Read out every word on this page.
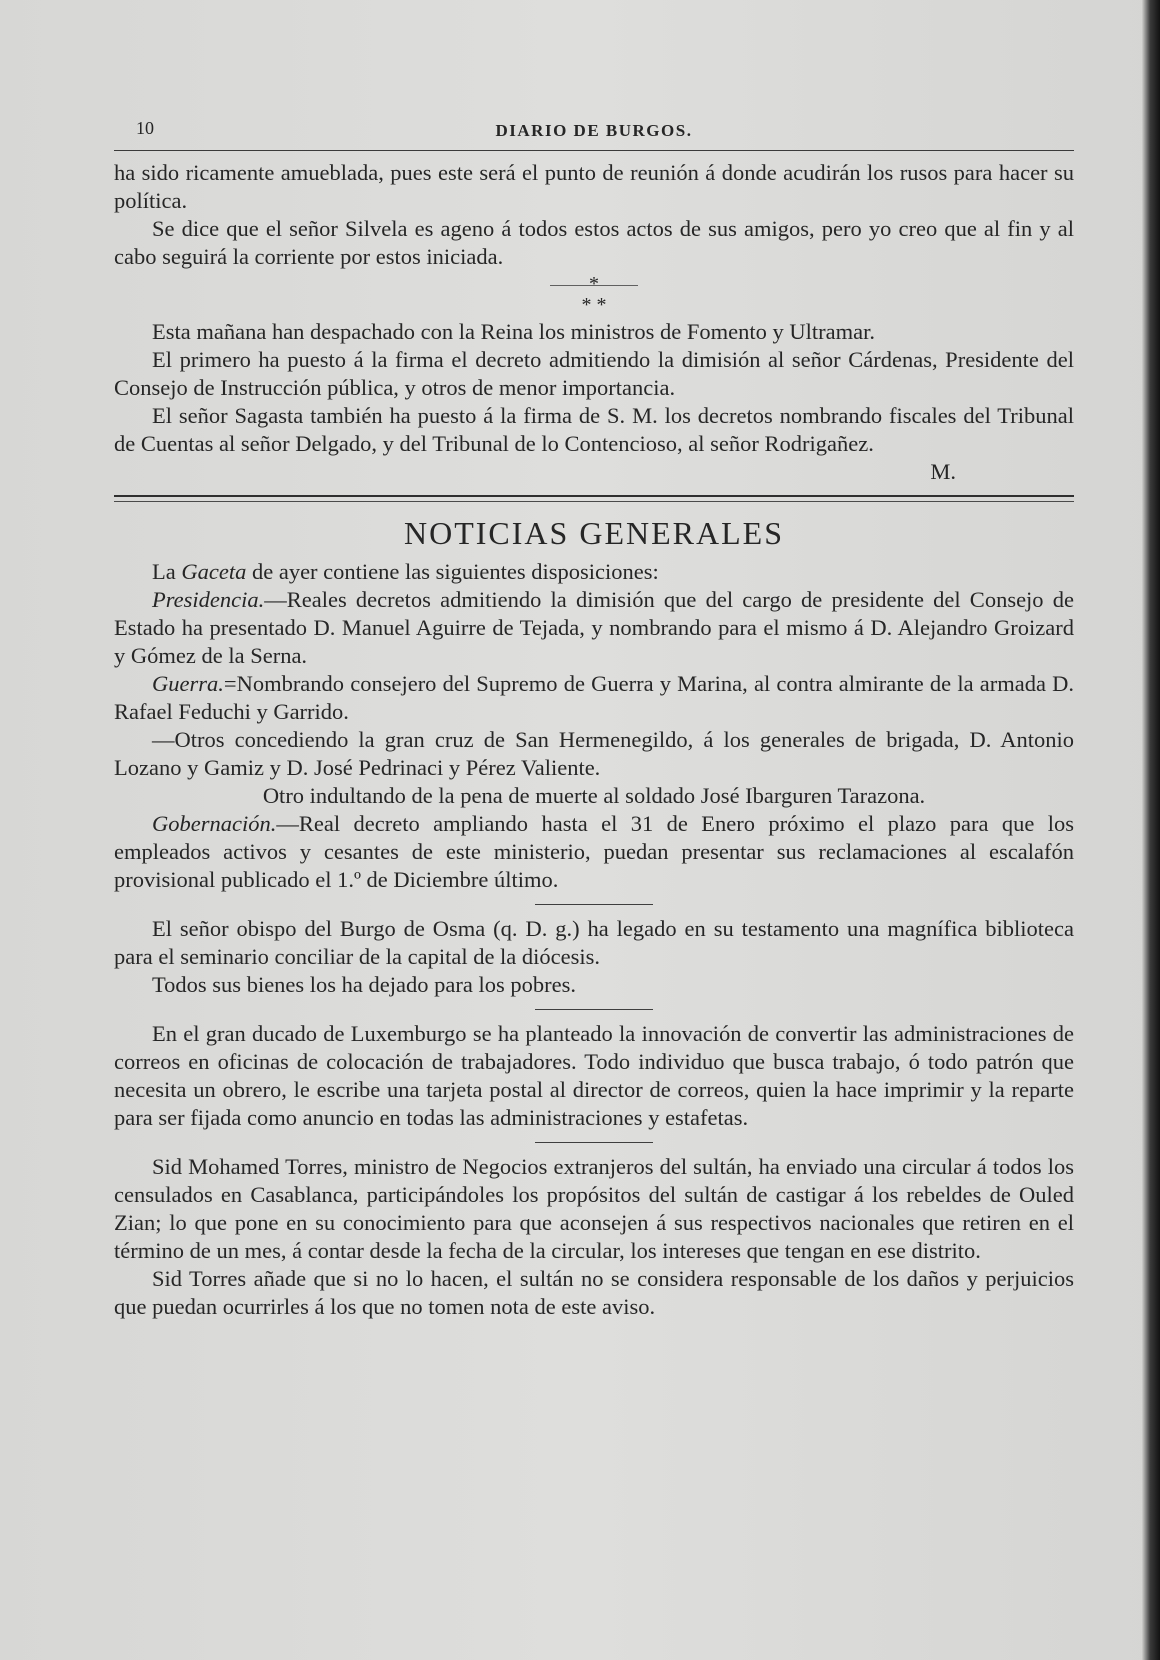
10	DIARIO DE BURGOS.

ha sido ricamente amueblada, pues este será el punto de reunión á donde acudirán los rusos para hacer su política.

Se dice que el señor Silvela es ageno á todos estos actos de sus amigos, pero yo creo que al fin y al cabo seguirá la corriente por estos iniciada.

*
* *

Esta mañana han despachado con la Reina los ministros de Fomento y Ultramar.

El primero ha puesto á la firma el decreto admitiendo la dimisión al señor Cárdenas, Presidente del Consejo de Instrucción pública, y otros de menor importancia.

El señor Sagasta también ha puesto á la firma de S. M. los decretos nombrando fiscales del Tribunal de Cuentas al señor Delgado, y del Tribunal de lo Contencioso, al señor Rodrigañez.

M.

NOTICIAS GENERALES

La Gaceta de ayer contiene las siguientes disposiciones:

Presidencia.—Reales decretos admitiendo la dimisión que del cargo de presidente del Consejo de Estado ha presentado D. Manuel Aguirre de Tejada, y nombrando para el mismo á D. Alejandro Groizard y Gómez de la Serna.

Guerra.=Nombrando consejero del Supremo de Guerra y Marina, al contra almirante de la armada D. Rafael Feduchi y Garrido.

—Otros concediendo la gran cruz de San Hermenegildo, á los generales de brigada, D. Antonio Lozano y Gamiz y D. José Pedrinaci y Pérez Valiente.

Otro indultando de la pena de muerte al soldado José Ibarguren Tarazona.

Gobernación.—Real decreto ampliando hasta el 31 de Enero próximo el plazo para que los empleados activos y cesantes de este ministerio, puedan presentar sus reclamaciones al escalafón provisional publicado el 1.º de Diciembre último.

El señor obispo del Burgo de Osma (q. D. g.) ha legado en su testamento una magnífica biblioteca para el seminario conciliar de la capital de la diócesis.

Todos sus bienes los ha dejado para los pobres.

En el gran ducado de Luxemburgo se ha planteado la innovación de convertir las administraciones de correos en oficinas de colocación de trabajadores. Todo individuo que busca trabajo, ó todo patrón que necesita un obrero, le escribe una tarjeta postal al director de correos, quien la hace imprimir y la reparte para ser fijada como anuncio en todas las administraciones y estafetas.

Sid Mohamed Torres, ministro de Negocios extranjeros del sultán, ha enviado una circular á todos los censulados en Casablanca, participándoles los propósitos del sultán de castigar á los rebeldes de Ouled Zian; lo que pone en su conocimiento para que aconsejen á sus respectivos nacionales que retiren en el término de un mes, á contar desde la fecha de la circular, los intereses que tengan en ese distrito.

Sid Torres añade que si no lo hacen, el sultán no se considera responsable de los daños y perjuicios que puedan ocurrirles á los que no tomen nota de este aviso.
